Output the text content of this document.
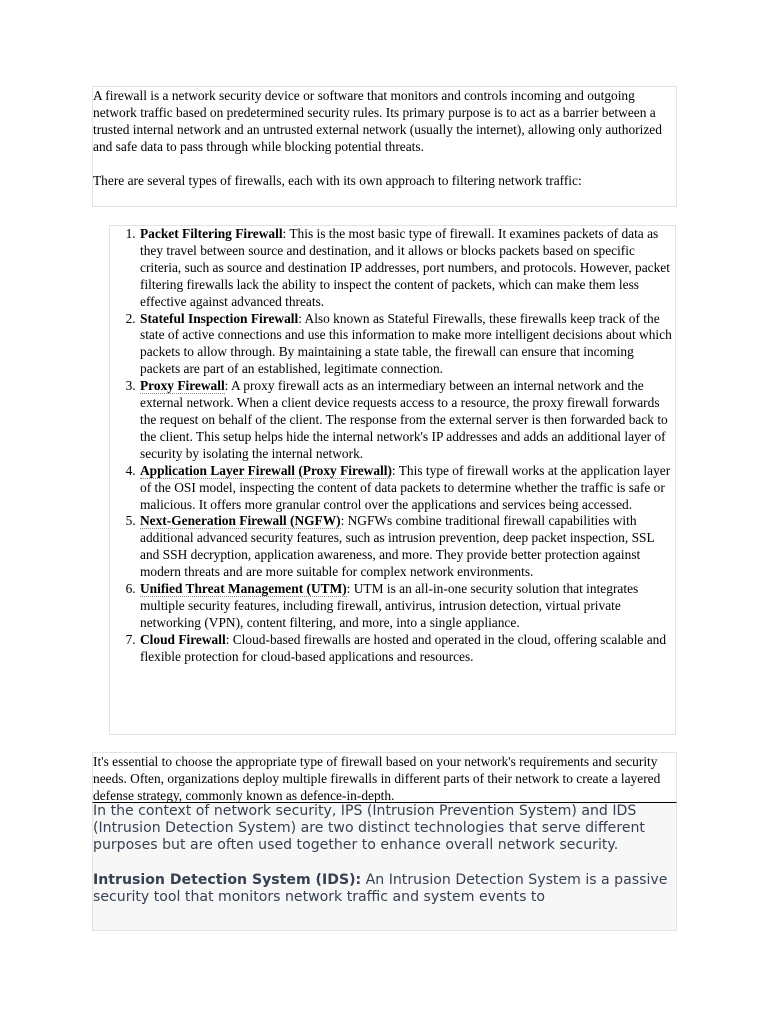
A firewall is a network security device or software that monitors and controls incoming and outgoing network traffic based on predetermined security rules. Its primary purpose is to act as a barrier between a trusted internal network and an untrusted external network (usually the internet), allowing only authorized and safe data to pass through while blocking potential threats.

There are several types of firewalls, each with its own approach to filtering network traffic:

1. Packet Filtering Firewall: This is the most basic type of firewall. It examines packets of data as they travel between source and destination, and it allows or blocks packets based on specific criteria, such as source and destination IP addresses, port numbers, and protocols. However, packet filtering firewalls lack the ability to inspect the content of packets, which can make them less effective against advanced threats.
2. Stateful Inspection Firewall: Also known as Stateful Firewalls, these firewalls keep track of the state of active connections and use this information to make more intelligent decisions about which packets to allow through. By maintaining a state table, the firewall can ensure that incoming packets are part of an established, legitimate connection.
3. Proxy Firewall: A proxy firewall acts as an intermediary between an internal network and the external network. When a client device requests access to a resource, the proxy firewall forwards the request on behalf of the client. The response from the external server is then forwarded back to the client. This setup helps hide the internal network's IP addresses and adds an additional layer of security by isolating the internal network.
4. Application Layer Firewall (Proxy Firewall): This type of firewall works at the application layer of the OSI model, inspecting the content of data packets to determine whether the traffic is safe or malicious. It offers more granular control over the applications and services being accessed.
5. Next-Generation Firewall (NGFW): NGFWs combine traditional firewall capabilities with additional advanced security features, such as intrusion prevention, deep packet inspection, SSL and SSH decryption, application awareness, and more. They provide better protection against modern threats and are more suitable for complex network environments.
6. Unified Threat Management (UTM): UTM is an all-in-one security solution that integrates multiple security features, including firewall, antivirus, intrusion detection, virtual private networking (VPN), content filtering, and more, into a single appliance.
7. Cloud Firewall: Cloud-based firewalls are hosted and operated in the cloud, offering scalable and flexible protection for cloud-based applications and resources.

It's essential to choose the appropriate type of firewall based on your network's requirements and security needs. Often, organizations deploy multiple firewalls in different parts of their network to create a layered defense strategy, commonly known as defence-in-depth.

In the context of network security, IPS (Intrusion Prevention System) and IDS (Intrusion Detection System) are two distinct technologies that serve different purposes but are often used together to enhance overall network security.

Intrusion Detection System (IDS): An Intrusion Detection System is a passive security tool that monitors network traffic and system events to
